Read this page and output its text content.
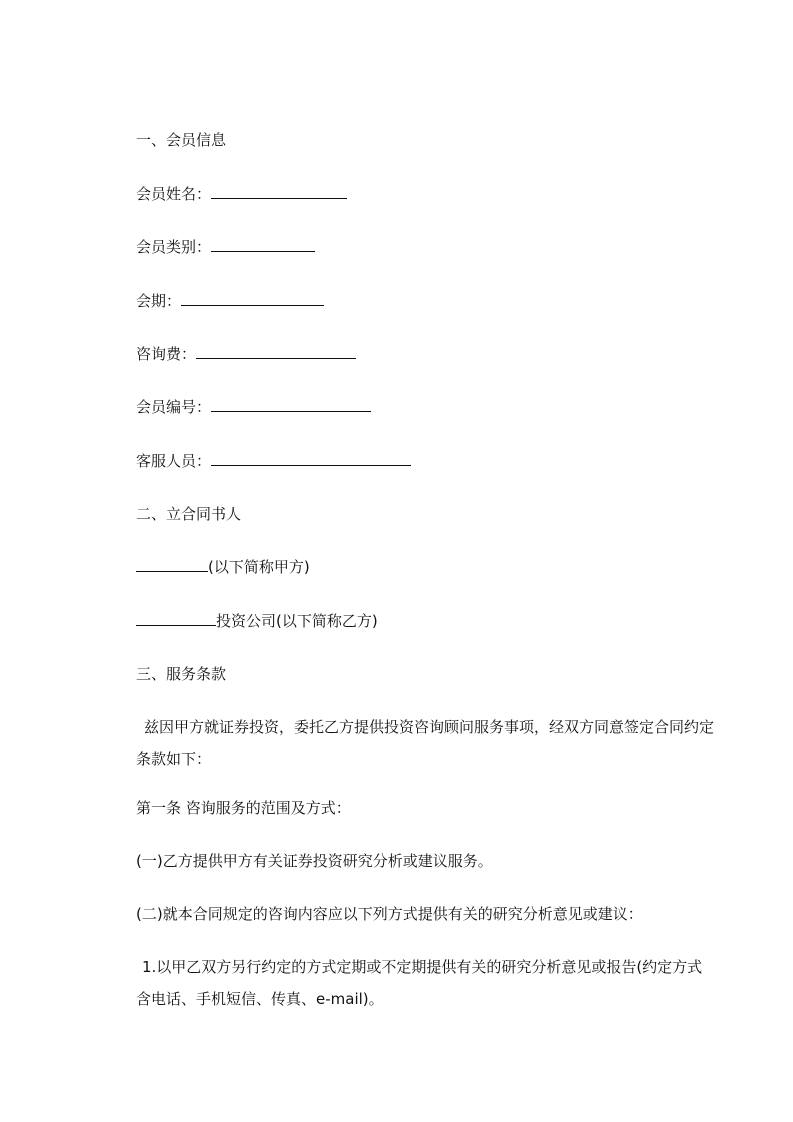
一、会员信息
会员姓名：
会员类别：
会期：
咨询费：
会员编号：
客服人员：
二、立合同书人
(以下简称甲方)
投资公司(以下简称乙方)
三、服务条款
兹因甲方就证券投资，委托乙方提供投资咨询顾问服务事项，经双方同意签定合同约定条款如下：
第一条 咨询服务的范围及方式：
(一)乙方提供甲方有关证券投资研究分析或建议服务。
(二)就本合同规定的咨询内容应以下列方式提供有关的研究分析意见或建议：
1.以甲乙双方另行约定的方式定期或不定期提供有关的研究分析意见或报告(约定方式含电话、手机短信、传真、e-mail)。
